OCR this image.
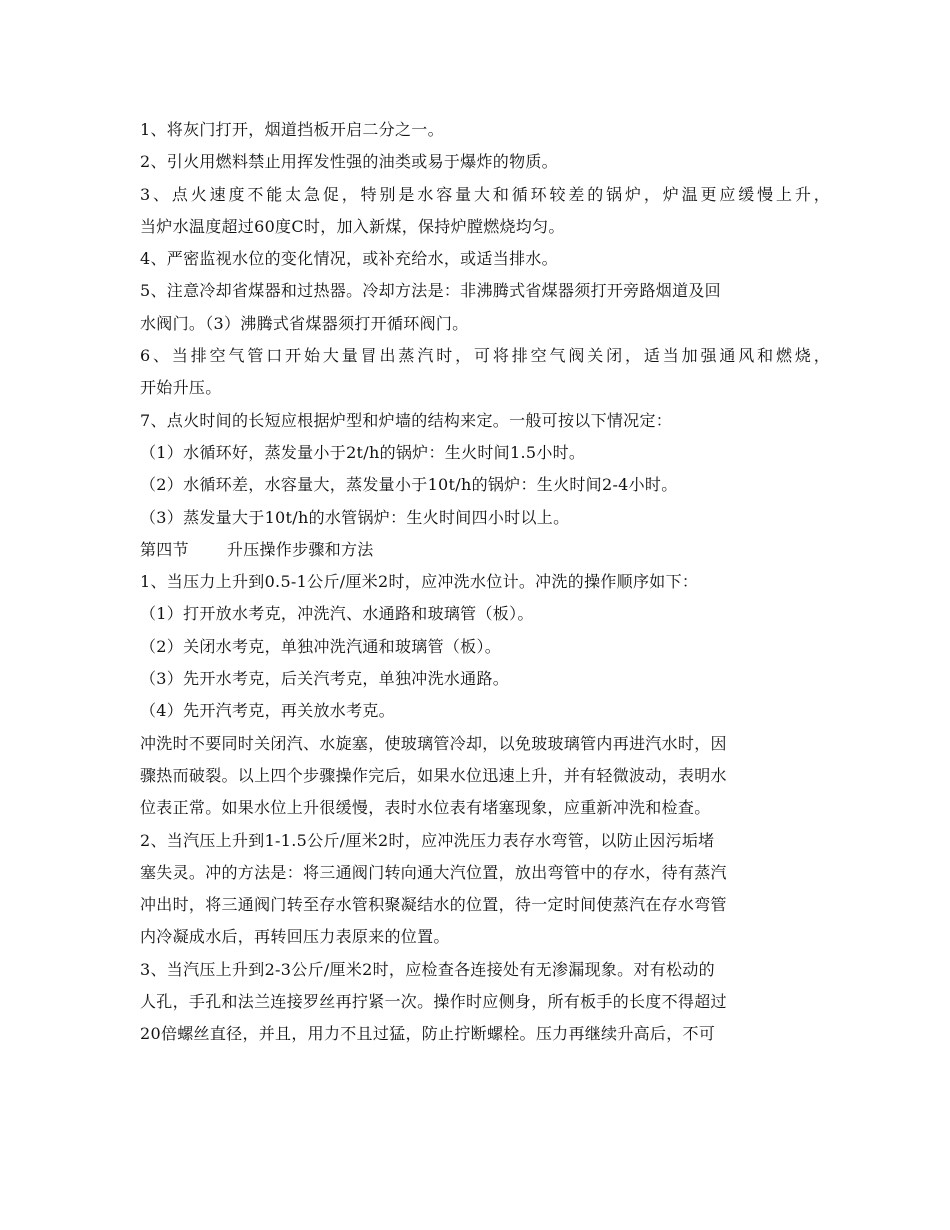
1、将灰门打开，烟道挡板开启二分之一。
2、引火用燃料禁止用挥发性强的油类或易于爆炸的物质。
3、点火速度不能太急促，特别是水容量大和循环较差的锅炉，炉温更应缓慢上升，
当炉水温度超过60度C时，加入新煤，保持炉膛燃烧均匀。
4、严密监视水位的变化情况，或补充给水，或适当排水。
5、注意冷却省煤器和过热器。冷却方法是：非沸腾式省煤器须打开旁路烟道及回
水阀门。（3）沸腾式省煤器须打开循环阀门。
6、当排空气管口开始大量冒出蒸汽时，可将排空气阀关闭，适当加强通风和燃烧，
开始升压。
7、点火时间的长短应根据炉型和炉墙的结构来定。一般可按以下情况定：
（1）水循环好，蒸发量小于2t/h的锅炉：生火时间1.5小时。
（2）水循环差，水容量大，蒸发量小于10t/h的锅炉：生火时间2-4小时。
（3）蒸发量大于10t/h的水管锅炉：生火时间四小时以上。
第四节 升压操作步骤和方法
1、当压力上升到0.5-1公斤/厘米2时，应冲洗水位计。冲洗的操作顺序如下：
（1）打开放水考克，冲洗汽、水通路和玻璃管（板）。
（2）关闭水考克，单独冲洗汽通和玻璃管（板）。
（3）先开水考克，后关汽考克，单独冲洗水通路。
（4）先开汽考克，再关放水考克。
冲洗时不要同时关闭汽、水旋塞，使玻璃管冷却，以免玻玻璃管内再进汽水时，因
骤热而破裂。以上四个步骤操作完后，如果水位迅速上升，并有轻微波动，表明水
位表正常。如果水位上升很缓慢，表时水位表有堵塞现象，应重新冲洗和检查。
2、当汽压上升到1-1.5公斤/厘米2时，应冲洗压力表存水弯管，以防止因污垢堵
塞失灵。冲的方法是：将三通阀门转向通大汽位置，放出弯管中的存水，待有蒸汽
冲出时，将三通阀门转至存水管积聚凝结水的位置，待一定时间使蒸汽在存水弯管
内冷凝成水后，再转回压力表原来的位置。
3、当汽压上升到2-3公斤/厘米2时，应检查各连接处有无渗漏现象。对有松动的
人孔，手孔和法兰连接罗丝再拧紧一次。操作时应侧身，所有板手的长度不得超过
20倍螺丝直径，并且，用力不且过猛，防止拧断螺栓。压力再继续升高后，不可
